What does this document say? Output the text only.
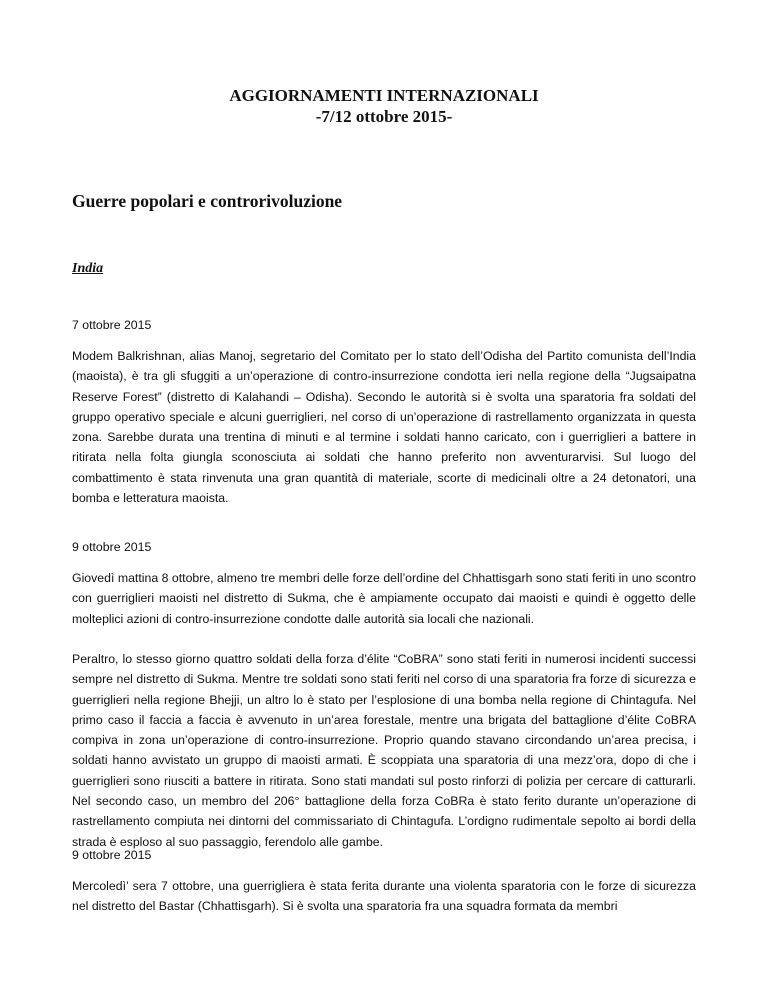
AGGIORNAMENTI INTERNAZIONALI
-7/12 ottobre 2015-
Guerre popolari e controrivoluzione
India
7 ottobre 2015
Modem Balkrishnan, alias Manoj, segretario del Comitato per lo stato dell’Odisha del Partito comunista dell’India (maoista), è tra gli sfuggiti a un’operazione di contro-insurrezione condotta ieri nella regione della “Jugsaipatna Reserve Forest” (distretto di Kalahandi – Odisha). Secondo le autorità si è svolta una sparatoria fra soldati del gruppo operativo speciale e alcuni guerriglieri, nel corso di un’operazione di rastrellamento organizzata in questa zona. Sarebbe durata una trentina di minuti e al termine i soldati hanno caricato, con i guerriglieri a battere in ritirata nella folta giungla sconosciuta ai soldati che hanno preferito non avventurarvisi. Sul luogo del combattimento è stata rinvenuta una gran quantità di materiale, scorte di medicinali oltre a 24 detonatori, una bomba e letteratura maoista.
9 ottobre 2015
Giovedì mattina 8 ottobre, almeno tre membri delle forze dell’ordine del Chhattisgarh sono stati feriti in uno scontro con guerriglieri maoisti nel distretto di Sukma, che è ampiamente occupato dai maoisti e quindi è oggetto delle molteplici azioni di contro-insurrezione condotte dalle autorità sia locali che nazionali.
Peraltro, lo stesso giorno quattro soldati della forza d’élite “CoBRA” sono stati feriti in numerosi incidenti successi sempre nel distretto di Sukma. Mentre tre soldati sono stati feriti nel corso di una sparatoria fra forze di sicurezza e guerriglieri nella regione Bhejji, un altro lo è stato per l’esplosione di una bomba nella regione di Chintagufa. Nel primo caso il faccia a faccia è avvenuto in un’area forestale, mentre una brigata del battaglione d’élite CoBRA compiva in zona un’operazione di contro-insurrezione. Proprio quando stavano circondando un’area precisa, i soldati hanno avvistato un gruppo di maoisti armati. È scoppiata una sparatoria di una mezz’ora, dopo di che i guerriglieri sono riusciti a battere in ritirata. Sono stati mandati sul posto rinforzi di polizia per cercare di catturarli. Nel secondo caso, un membro del 206° battaglione della forza CoBRa è stato ferito durante un’operazione di rastrellamento compiuta nei dintorni del commissariato di Chintagufa. L’ordigno rudimentale sepolto ai bordi della strada è esploso al suo passaggio, ferendolo alle gambe.
9 ottobre 2015
Mercoledì’ sera 7 ottobre, una guerrigliera è stata ferita durante una violenta sparatoria con le forze di sicurezza nel distretto del Bastar (Chhattisgarh). Si è svolta una sparatoria fra una squadra formata da membri
